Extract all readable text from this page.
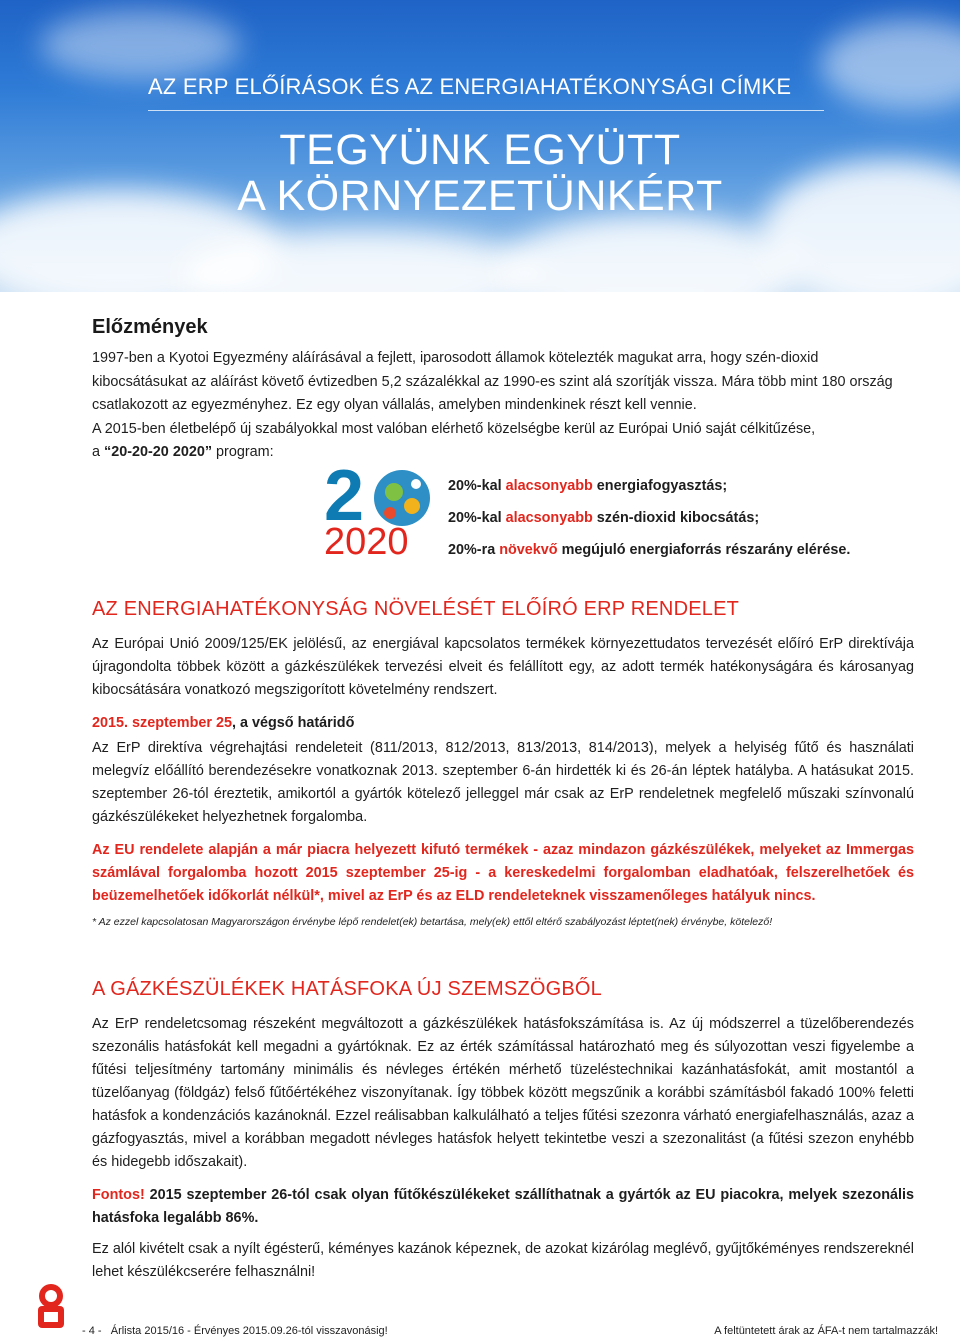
AZ ERP ELŐÍRÁSOK ÉS AZ ENERGIAHATÉKONYSÁGI CÍMKE
TEGYÜNK EGYÜTT
A KÖRNYEZETÜNKÉRT
Előzmények

1997-ben a Kyotoi Egyezmény aláírásával a fejlett, iparosodott államok kötelezték magukat arra, hogy szén-dioxid kibocsátásukat az aláírást követő évtizedben 5,2 százalékkal az 1990-es szint alá szorítják vissza. Mára több mint 180 ország csatlakozott az egyezményhez. Ez egy olyan vállalás, amelyben mindenkinek részt kell vennie.

A 2015-ben életbelépő új szabályokkal most valóban elérhető közelségbe kerül az Európai Unió saját célkitűzése,

a “20-20-20 2020” program:

2
2020
20%-kal alacsonyabb energiafogyasztás;
20%-kal alacsonyabb szén-dioxid kibocsátás;
20%-ra növekvő megújuló energiaforrás részarány elérése.
AZ ENERGIAHATÉKONYSÁG NÖVELÉSÉT ELŐÍRÓ ERP RENDELET

Az Európai Unió 2009/125/EK jelölésű, az energiával kapcsolatos termékek környezettudatos tervezését előíró ErP direktívája újragondolta többek között a gázkészülékek tervezési elveit és felállított egy, az adott termék hatékonyságára és károsanyag kibocsátására vonatkozó megszigorított követelmény rendszert.

2015. szeptember 25, a végső határidő

Az ErP direktíva végrehajtási rendeleteit (811/2013, 812/2013, 813/2013, 814/2013), melyek a helyiség fűtő és használati melegvíz előállító berendezésekre vonatkoznak 2013. szeptember 6-án hirdették ki és 26-án léptek hatályba. A hatásukat 2015. szeptember 26-tól éreztetik, amikortól a gyártók kötelező jelleggel már csak az ErP rendeletnek megfelelő műszaki színvonalú gázkészülékeket helyezhetnek forgalomba.

Az EU rendelete alapján a már piacra helyezett kifutó termékek - azaz mindazon gázkészülékek, melyeket az Immergas számlával forgalomba hozott 2015 szeptember 25-ig - a kereskedelmi forgalomban eladhatóak, felszerelhetőek és beüzemelhetőek időkorlát nélkül*, mivel az ErP és az ELD rendeleteknek visszamenőleges hatályuk nincs.

* Az ezzel kapcsolatosan Magyarországon érvénybe lépő rendelet(ek) betartása, mely(ek) ettől eltérő szabályozást léptet(nek) érvénybe, kötelező!

A GÁZKÉSZÜLÉKEK HATÁSFOKA ÚJ SZEMSZÖGBŐL

Az ErP rendeletcsomag részeként megváltozott a gázkészülékek hatásfokszámítása is. Az új módszerrel a tüzelőberendezés szezonális hatásfokát kell megadni a gyártóknak. Ez az érték számítással határozható meg és súlyozottan veszi figyelembe a fűtési teljesítmény tartomány minimális és névleges értékén mérhető tüzeléstechnikai kazánhatásfokát, amit mostantól a tüzelőanyag (földgáz) felső fűtőértékéhez viszonyítanak. Így többek között megszűnik a korábbi számításból fakadó 100% feletti hatásfok a kondenzációs kazánoknál. Ezzel reálisabban kalkulálható a teljes fűtési szezonra várható energiafelhasználás, azaz a gázfogyasztás, mivel a korábban megadott névleges hatásfok helyett tekintetbe veszi a szezonalitást (a fűtési szezon enyhébb és hidegebb időszakait).

Fontos! 2015 szeptember 26-tól csak olyan fűtőkészülékeket szállíthatnak a gyártók az EU piacokra, melyek szezonális hatásfoka legalább 86%.

Ez alól kivételt csak a nyílt égésterű, kéményes kazánok képeznek, de azokat kizárólag meglévő, gyűjtőkéményes rendszereknél lehet készülékcserére felhasználni!

- 4 - Árlista 2015/16 - Érvényes 2015.09.26-tól visszavonásig!	A feltüntetett árak az ÁFA-t nem tartalmazzák!
